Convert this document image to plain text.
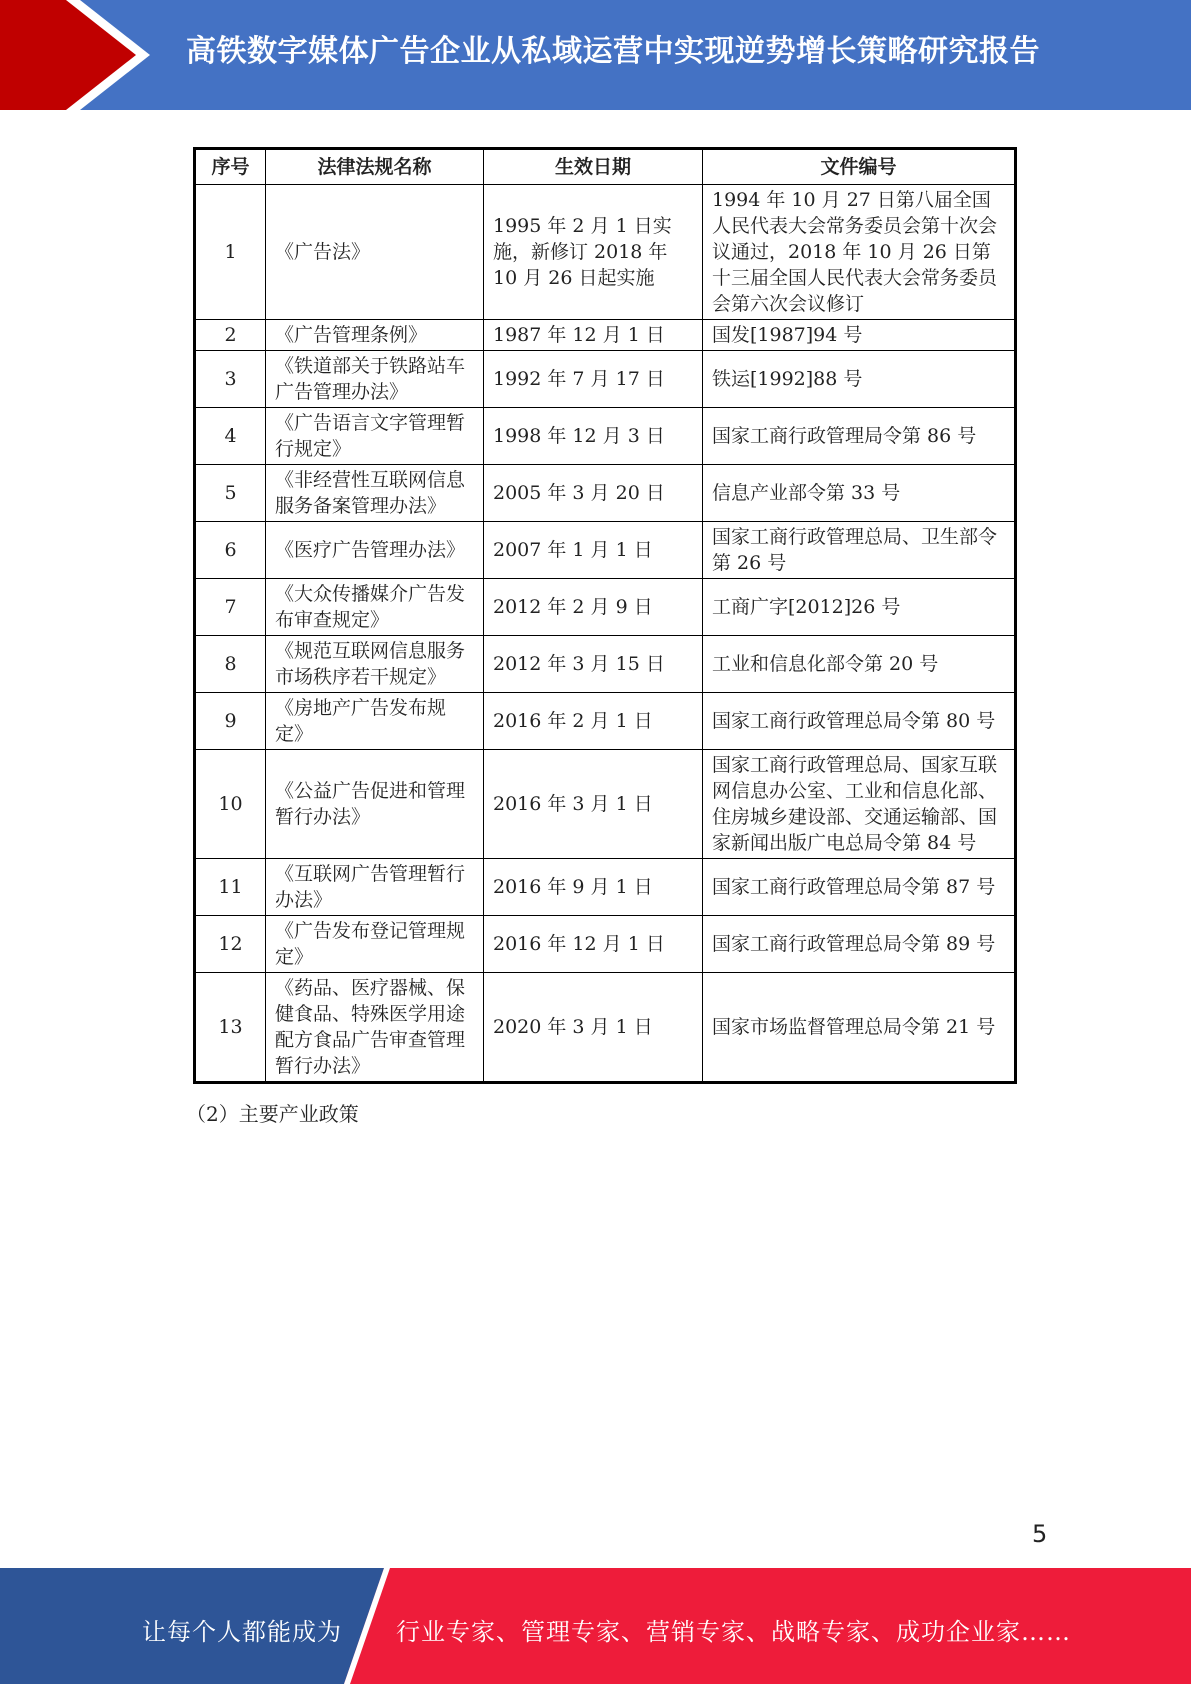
高铁数字媒体广告企业从私域运营中实现逆势增长策略研究报告
序号	法律法规名称	生效日期	文件编号
1	《广告法》	1995 年 2 月 1 日实施，新修订 2018 年 10 月 26 日起实施	1994 年 10 月 27 日第八届全国人民代表大会常务委员会第十次会议通过，2018 年 10 月 26 日第十三届全国人民代表大会常务委员会第六次会议修订
2	《广告管理条例》	1987 年 12 月 1 日	国发[1987]94 号
3	《铁道部关于铁路站车广告管理办法》	1992 年 7 月 17 日	铁运[1992]88 号
4	《广告语言文字管理暂行规定》	1998 年 12 月 3 日	国家工商行政管理局令第 86 号
5	《非经营性互联网信息服务备案管理办法》	2005 年 3 月 20 日	信息产业部令第 33 号
6	《医疗广告管理办法》	2007 年 1 月 1 日	国家工商行政管理总局、卫生部令第 26 号
7	《大众传播媒介广告发布审查规定》	2012 年 2 月 9 日	工商广字[2012]26 号
8	《规范互联网信息服务市场秩序若干规定》	2012 年 3 月 15 日	工业和信息化部令第 20 号
9	《房地产广告发布规定》	2016 年 2 月 1 日	国家工商行政管理总局令第 80 号
10	《公益广告促进和管理暂行办法》	2016 年 3 月 1 日	国家工商行政管理总局、国家互联网信息办公室、工业和信息化部、住房城乡建设部、交通运输部、国家新闻出版广电总局令第 84 号
11	《互联网广告管理暂行办法》	2016 年 9 月 1 日	国家工商行政管理总局令第 87 号
12	《广告发布登记管理规定》	2016 年 12 月 1 日	国家工商行政管理总局令第 89 号
13	《药品、医疗器械、保健食品、特殊医学用途配方食品广告审查管理暂行办法》	2020 年 3 月 1 日	国家市场监督管理总局令第 21 号
（2）主要产业政策
5
让每个人都能成为 行业专家、管理专家、营销专家、战略专家、成功企业家……
